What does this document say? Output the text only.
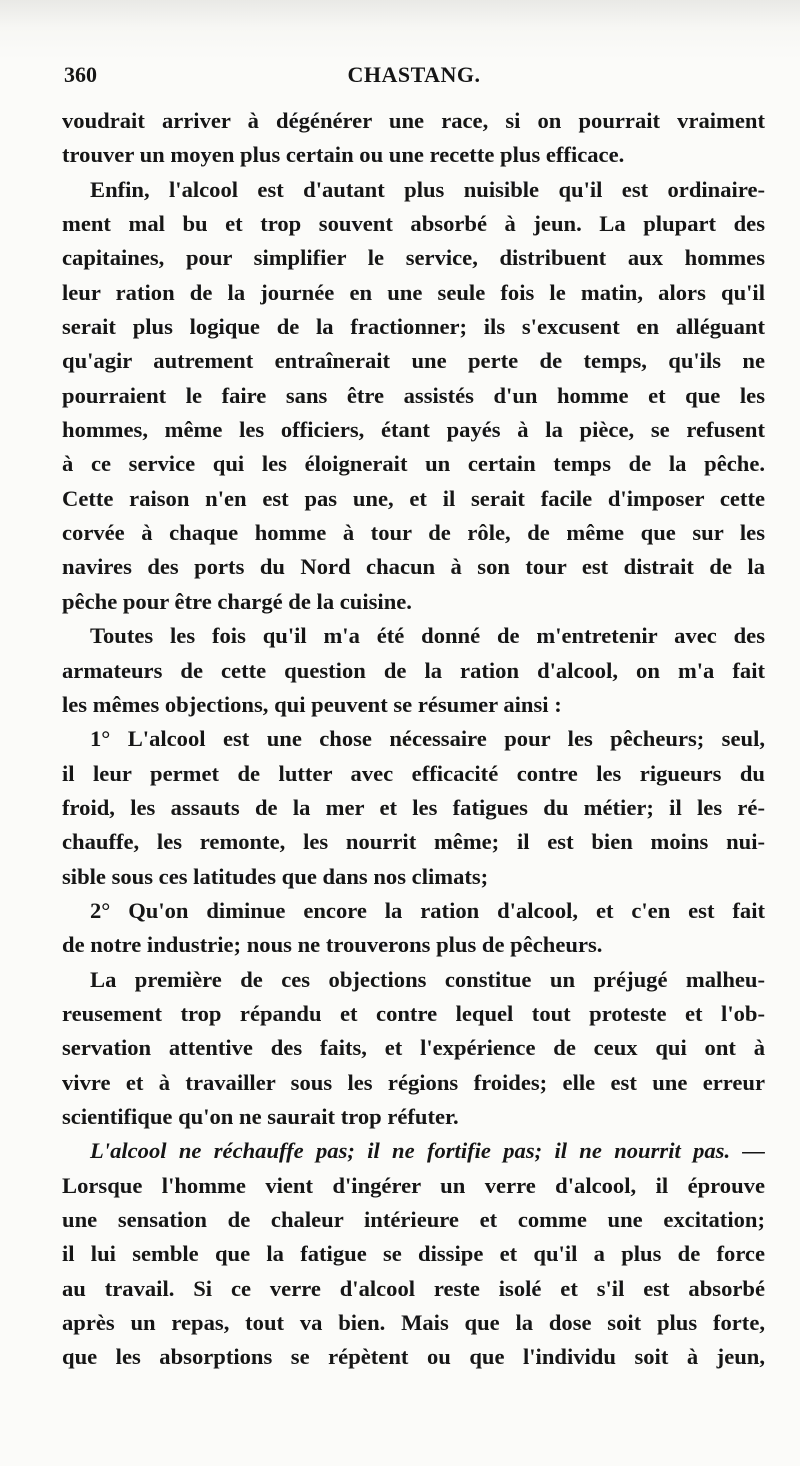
360	CHASTANG.
voudrait arriver à dégénérer une race, si on pourrait vraiment
trouver un moyen plus certain ou une recette plus efficace.
Enfin, l'alcool est d'autant plus nuisible qu'il est ordinaire-
ment mal bu et trop souvent absorbé à jeun. La plupart des
capitaines, pour simplifier le service, distribuent aux hommes
leur ration de la journée en une seule fois le matin, alors qu'il
serait plus logique de la fractionner; ils s'excusent en alléguant
qu'agir autrement entraînerait une perte de temps, qu'ils ne
pourraient le faire sans être assistés d'un homme et que les
hommes, même les officiers, étant payés à la pièce, se refusent
à ce service qui les éloignerait un certain temps de la pêche.
Cette raison n'en est pas une, et il serait facile d'imposer cette
corvée à chaque homme à tour de rôle, de même que sur les
navires des ports du Nord chacun à son tour est distrait de la
pêche pour être chargé de la cuisine.
Toutes les fois qu'il m'a été donné de m'entretenir avec des
armateurs de cette question de la ration d'alcool, on m'a fait
les mêmes objections, qui peuvent se résumer ainsi :
1° L'alcool est une chose nécessaire pour les pêcheurs; seul,
il leur permet de lutter avec efficacité contre les rigueurs du
froid, les assauts de la mer et les fatigues du métier; il les ré-
chauffe, les remonte, les nourrit même; il est bien moins nui-
sible sous ces latitudes que dans nos climats;
2° Qu'on diminue encore la ration d'alcool, et c'en est fait
de notre industrie; nous ne trouverons plus de pêcheurs.
La première de ces objections constitue un préjugé malheu-
reusement trop répandu et contre lequel tout proteste et l'ob-
servation attentive des faits, et l'expérience de ceux qui ont à
vivre et à travailler sous les régions froides; elle est une erreur
scientifique qu'on ne saurait trop réfuter.
L'alcool ne réchauffe pas; il ne fortifie pas; il ne nourrit pas. —
Lorsque l'homme vient d'ingérer un verre d'alcool, il éprouve
une sensation de chaleur intérieure et comme une excitation;
il lui semble que la fatigue se dissipe et qu'il a plus de force
au travail. Si ce verre d'alcool reste isolé et s'il est absorbé
après un repas, tout va bien. Mais que la dose soit plus forte,
que les absorptions se répètent ou que l'individu soit à jeun,
